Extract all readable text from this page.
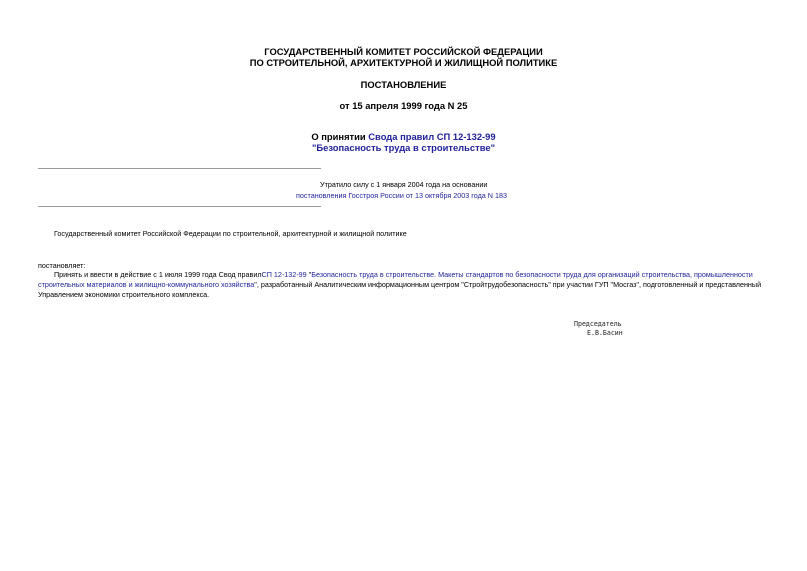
ГОСУДАРСТВЕННЫЙ КОМИТЕТ РОССИЙСКОЙ ФЕДЕРАЦИИ
ПО СТРОИТЕЛЬНОЙ, АРХИТЕКТУРНОЙ И ЖИЛИЩНОЙ ПОЛИТИКЕ
ПОСТАНОВЛЕНИЕ
от 15 апреля 1999 года N 25
О принятии Свода правил СП 12-132-99
"Безопасность труда в строительстве"
Утратило силу с 1 января 2004 года на основании
постановления Госстроя России от 13 октября 2003 года N 183
Государственный комитет Российской Федерации по строительной, архитектурной и жилищной политике
постановляет:
Принять и ввести в действие с 1 июля 1999 года Свод правилСП 12-132-99 "Безопасность труда в строительстве. Макеты стандартов по безопасности труда для организаций строительства, промышленности строительных материалов и жилищно-коммунального хозяйства", разработанный Аналитическим информационным центром "Стройтрудобезопасность" при участии ГУП "Мосгаз", подготовленный и представленный Управлением экономики строительного комплекса.
Председатель
Е.В.Басин
